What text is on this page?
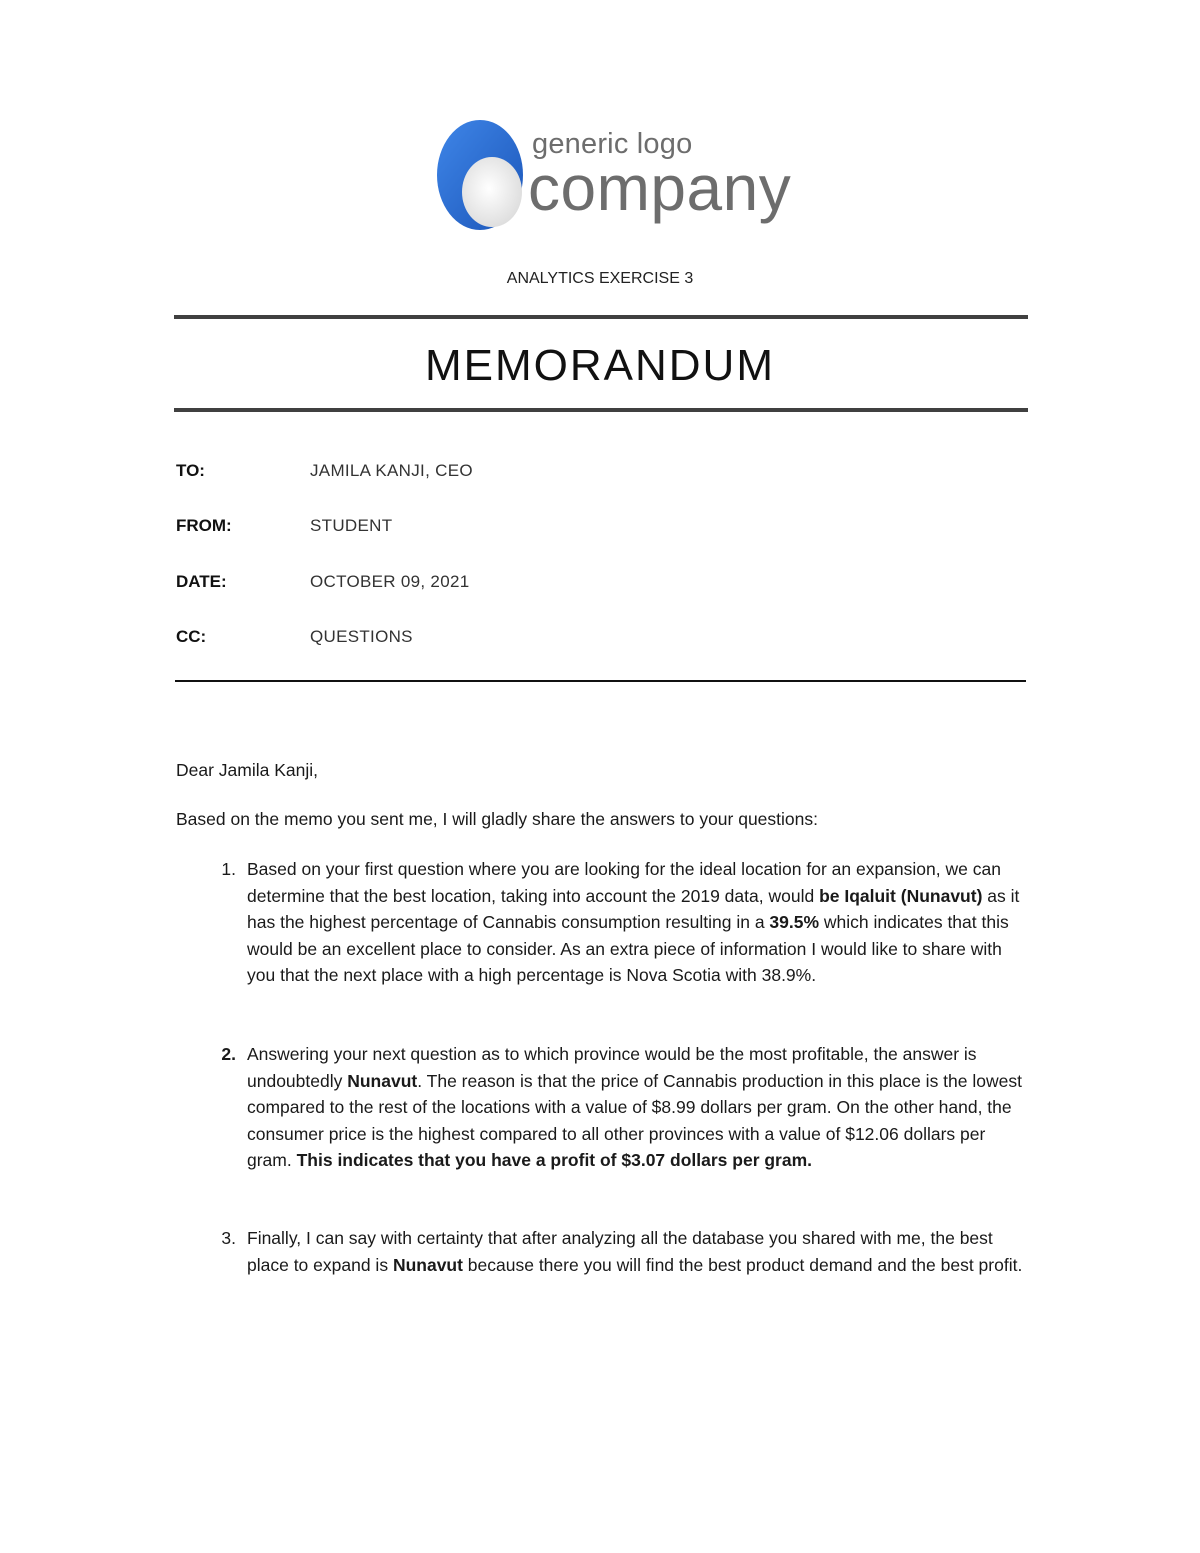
generic logo
company
ANALYTICS EXERCISE 3
MEMORANDUM
TO:	JAMILA KANJI, CEO
FROM:	STUDENT
DATE:	OCTOBER 09, 2021
CC:	QUESTIONS
Dear Jamila Kanji,
Based on the memo you sent me, I will gladly share the answers to your questions:
1. Based on your first question where you are looking for the ideal location for an expansion, we can determine that the best location, taking into account the 2019 data, would be Iqaluit (Nunavut) as it has the highest percentage of Cannabis consumption resulting in a 39.5% which indicates that this would be an excellent place to consider. As an extra piece of information I would like to share with you that the next place with a high percentage is Nova Scotia with 38.9%.
2. Answering your next question as to which province would be the most profitable, the answer is undoubtedly Nunavut. The reason is that the price of Cannabis production in this place is the lowest compared to the rest of the locations with a value of $8.99 dollars per gram. On the other hand, the consumer price is the highest compared to all other provinces with a value of $12.06 dollars per gram. This indicates that you have a profit of $3.07 dollars per gram.
3. Finally, I can say with certainty that after analyzing all the database you shared with me, the best place to expand is Nunavut because there you will find the best product demand and the best profit.
